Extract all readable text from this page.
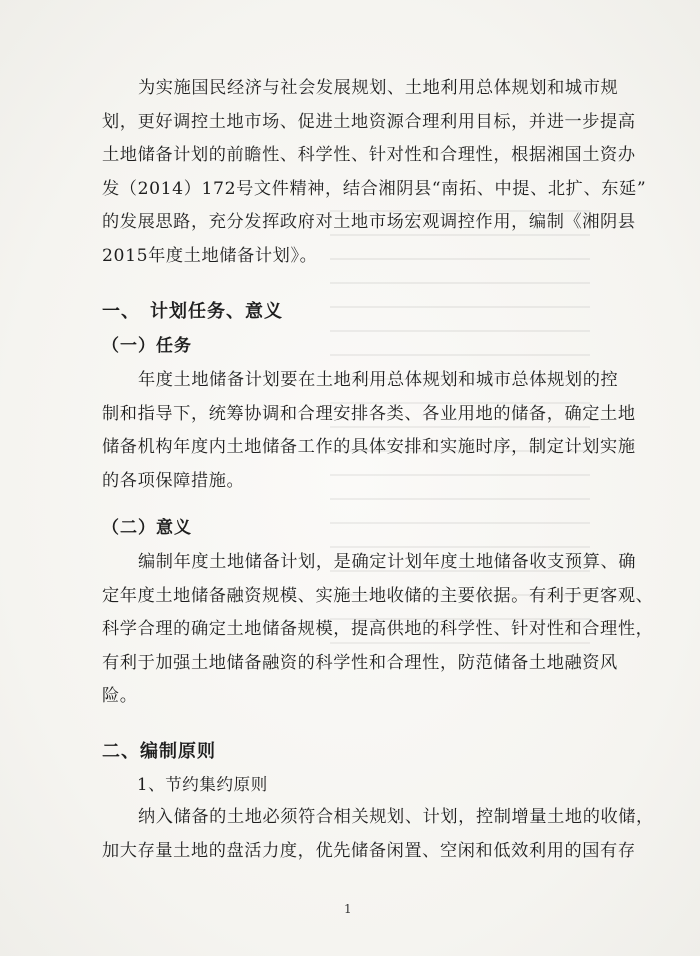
为实施国民经济与社会发展规划、土地利用总体规划和城市规
划，更好调控土地市场、促进土地资源合理利用目标，并进一步提高
土地储备计划的前瞻性、科学性、针对性和合理性，根据湘国土资办
发（2014）172号文件精神，结合湘阴县“南拓、中提、北扩、东延”
的发展思路，充分发挥政府对土地市场宏观调控作用，编制《湘阴县
2015年度土地储备计划》。

一、 计划任务、意义
（一）任务

年度土地储备计划要在土地利用总体规划和城市总体规划的控
制和指导下，统筹协调和合理安排各类、各业用地的储备，确定土地
储备机构年度内土地储备工作的具体安排和实施时序，制定计划实施
的各项保障措施。

（二）意义

编制年度土地储备计划，是确定计划年度土地储备收支预算、确
定年度土地储备融资规模、实施土地收储的主要依据。有利于更客观、
科学合理的确定土地储备规模，提高供地的科学性、针对性和合理性，
有利于加强土地储备融资的科学性和合理性，防范储备土地融资风
险。

二、编制原则

1、节约集约原则

纳入储备的土地必须符合相关规划、计划，控制增量土地的收储，
加大存量土地的盘活力度，优先储备闲置、空闲和低效利用的国有存

1
